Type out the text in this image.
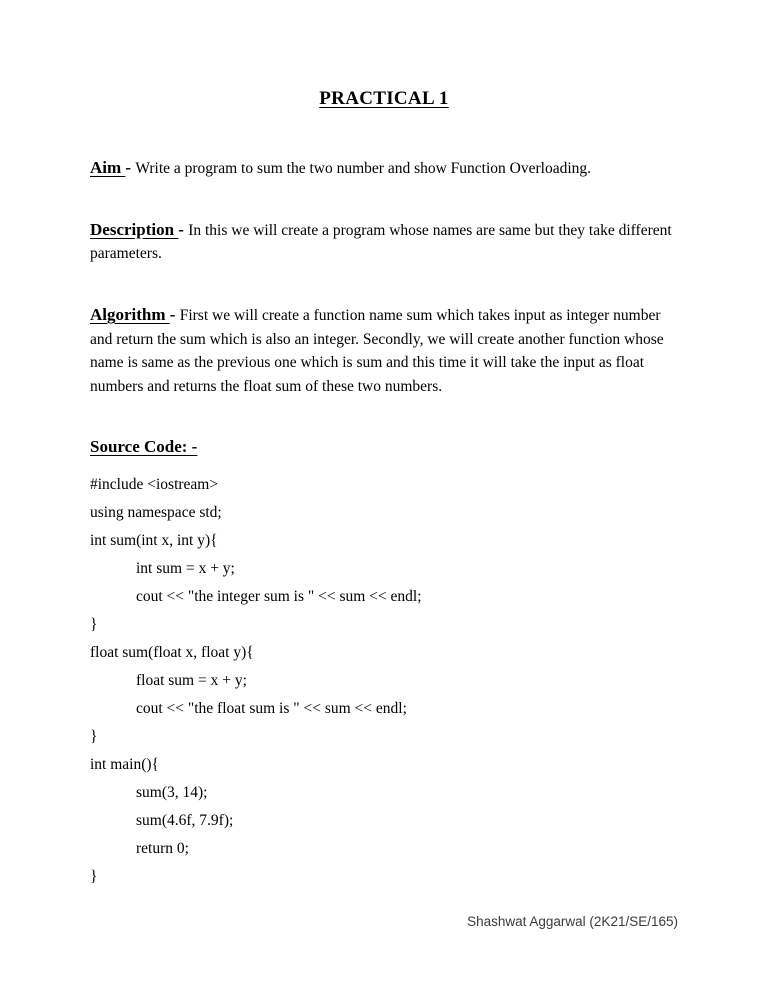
PRACTICAL 1

Aim - Write a program to sum the two number and show Function Overloading.

Description - In this we will create a program whose names are same but they take different parameters.

Algorithm - First we will create a function name sum which takes input as integer number and return the sum which is also an integer. Secondly, we will create another function whose name is same as the previous one which is sum and this time it will take the input as float numbers and returns the float sum of these two numbers.

Source Code: -
#include <iostream>
using namespace std;
int sum(int x, int y){
int sum = x + y;
cout << "the integer sum is " << sum << endl;
}
float sum(float x, float y){
float sum = x + y;
cout << "the float sum is " << sum << endl;
}
int main(){
sum(3, 14);
sum(4.6f, 7.9f);
return 0;
}
Shashwat Aggarwal (2K21/SE/165)
